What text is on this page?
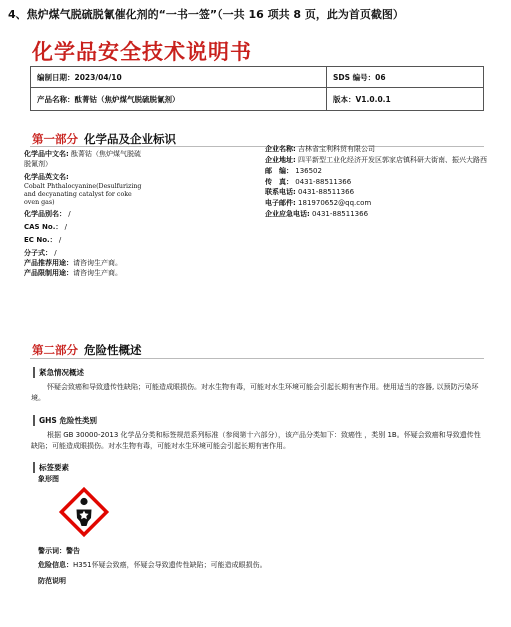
4、焦炉煤气脱硫脱氰催化剂的“一书一签”（一共 16 项共 8 页，此为首页截图）
化学品安全技术说明书
编制日期： 2023/04/10	SDS 编号： 06
产品名称： 酞菁钴（焦炉煤气脱硫脱氰剂）	版本： V1.0.0.1
第一部分 化学品及企业标识
化学品中文名: 酞菁钴（焦炉煤气脱硫脱氰剂）
化学品英文名:
Cobalt Phthalocyanine(Desulfurizing and decyanating catalyst for coke oven gas)
化学品别名： /
CAS No.： /
EC No.： /
分子式： /
产品推荐用途：请咨询生产商。
产品限制用途：请咨询生产商。
企业名称: 吉林省宝利科贸有限公司
企业地址: 四平新型工业化经济开发区郭家店镇科研大街南、振兴大路西
邮　编： 136502
传　真： 0431-88511366
联系电话: 0431-88511366
电子邮件: 181970652@qq.com
企业应急电话: 0431-88511366
第二部分 危险性概述
紧急情况概述
怀疑会致癌和导致遗传性缺陷；可能造成眼损伤。对水生物有毒，可能对水生环境可能会引起长期有害作用。使用适当的容器, 以预防污染环境。
GHS 危险性类别
根据 GB 30000-2013 化学品分类和标签规范系列标准（参阅第十六部分），该产品分类如下：致癌性 ，类别 1B。怀疑会致癌和导致遗传性缺陷；可能造成眼损伤。对水生物有毒，可能对水生环境可能会引起长期有害作用。
标签要素
象形图
警示词：警告
危险信息：H351怀疑会致癌，怀疑会导致遗传性缺陷；可能造成眼损伤。
防范说明
